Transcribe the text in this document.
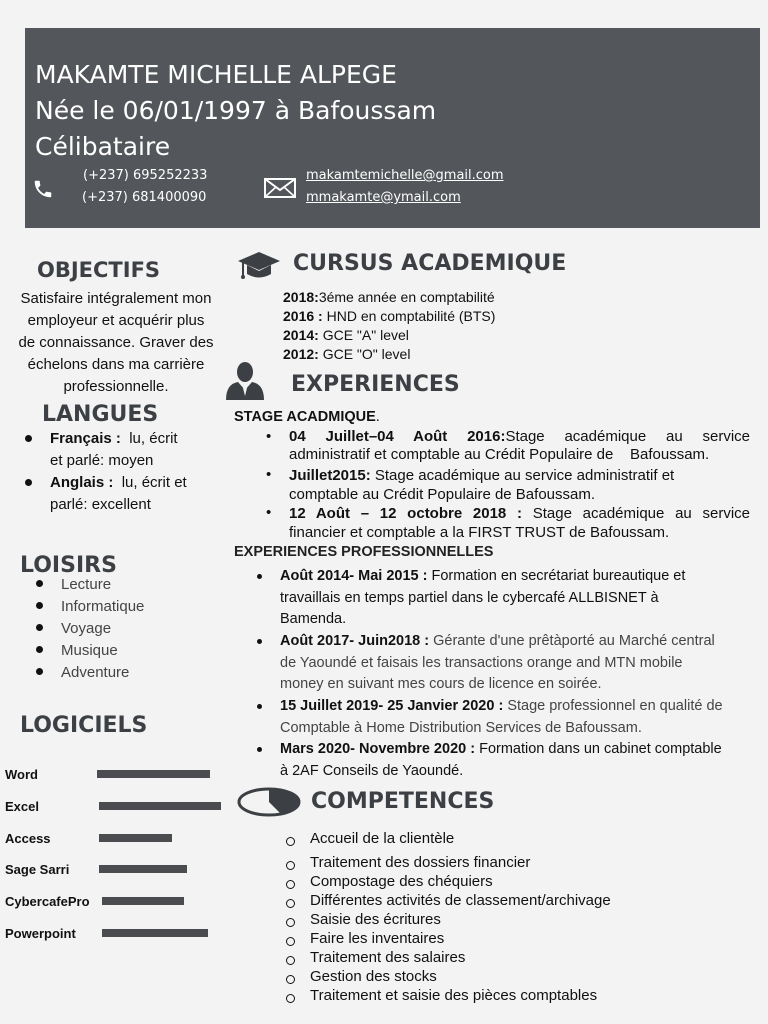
MAKAMTE MICHELLE ALPEGE
Née le 06/01/1997 à Bafoussam
Célibataire
(+237) 695252233
(+237) 681400090
makamtemichelle@gmail.com
mmakamte@ymail.com
OBJECTIFS
Satisfaire intégralement mon
employeur et acquérir plus
de connaissance. Graver des
échelons dans ma carrière
professionnelle.
LANGUES
Français : lu, écrit
et parlé: moyen
Anglais : lu, écrit et
parlé: excellent
LOISIRS
Lecture
Informatique
Voyage
Musique
Adventure
LOGICIELS
Word
Excel
Access
Sage Sarri
CybercafePro
Powerpoint
CURSUS ACADEMIQUE
2018:3éme année en comptabilité
2016 : HND en comptabilité (BTS)
2014: GCE "A" level
2012: GCE "O" level
EXPERIENCES
STAGE ACADMIQUE.
• 04 Juillet–04 Août 2016:Stage académique au service
administratif et comptable au Crédit Populaire de    Bafoussam.
• Juillet2015: Stage académique au service administratif et
comptable au Crédit Populaire de Bafoussam.
• 12 Août – 12 octobre 2018 : Stage académique au service
financier et comptable a la FIRST TRUST de Bafoussam.
EXPERIENCES PROFESSIONNELLES
Août 2014- Mai 2015 : Formation en secrétariat bureautique et
travaillais en temps partiel dans le cybercafé ALLBISNET à
Bamenda.
Août 2017- Juin2018 : Gérante d'une prêtàporté au Marché central
de Yaoundé et faisais les transactions orange and MTN mobile
money en suivant mes cours de licence en soirée.
15 Juillet 2019- 25 Janvier 2020 : Stage professionnel en qualité de
Comptable à Home Distribution Services de Bafoussam.
Mars 2020- Novembre 2020 : Formation dans un cabinet comptable
à 2AF Conseils de Yaoundé.
COMPETENCES
Accueil de la clientèle
Traitement des dossiers financier
Compostage des chéquiers
Différentes activités de classement/archivage
Saisie des écritures
Faire les inventaires
Traitement des salaires
Gestion des stocks
Traitement et saisie des pièces comptables
